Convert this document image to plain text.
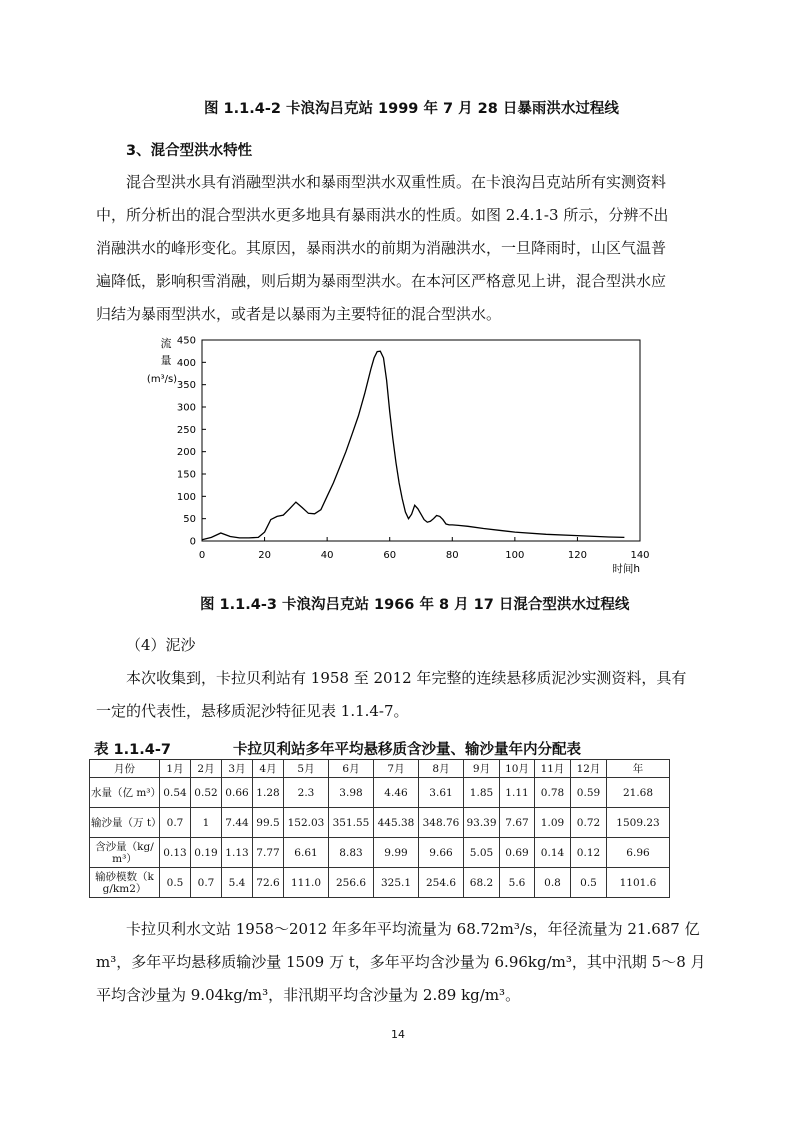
图 1.1.4-2 卡浪沟吕克站 1999 年 7 月 28 日暴雨洪水过程线
3、混合型洪水特性
混合型洪水具有消融型洪水和暴雨型洪水双重性质。在卡浪沟吕克站所有实测资料
中，所分析出的混合型洪水更多地具有暴雨洪水的性质。如图 2.4.1-3 所示，分辨不出
消融洪水的峰形变化。其原因，暴雨洪水的前期为消融洪水，一旦降雨时，山区气温普
遍降低，影响积雪消融，则后期为暴雨型洪水。在本河区严格意见上讲，混合型洪水应
归结为暴雨型洪水，或者是以暴雨为主要特征的混合型洪水。
流
量
(m³/s)
0
50
100
150
200
250
300
350
400
450
0	20	40	60	80	100	120	140
时间h
图 1.1.4-3 卡浪沟吕克站 1966 年 8 月 17 日混合型洪水过程线
（4）泥沙
本次收集到，卡拉贝利站有 1958 至 2012 年完整的连续悬移质泥沙实测资料，具有
一定的代表性，悬移质泥沙特征见表 1.1.4-7。
表 1.1.4-7	卡拉贝利站多年平均悬移质含沙量、输沙量年内分配表
月份	1月	2月	3月	4月	5月	6月	7月	8月	9月	10月	11月	12月	年
水量（亿 m³）	0.54	0.52	0.66	1.28	2.3	3.98	4.46	3.61	1.85	1.11	0.78	0.59	21.68
输沙量（万 t）	0.7	1	7.44	99.5	152.03	351.55	445.38	348.76	93.39	7.67	1.09	0.72	1509.23
含沙量（kg/m³）	0.13	0.19	1.13	7.77	6.61	8.83	9.99	9.66	5.05	0.69	0.14	0.12	6.96
输砂模数（kg/km2）	0.5	0.7	5.4	72.6	111.0	256.6	325.1	254.6	68.2	5.6	0.8	0.5	1101.6
卡拉贝利水文站 1958～2012 年多年平均流量为 68.72m³/s，年径流量为 21.687 亿
m³，多年平均悬移质输沙量 1509 万 t，多年平均含沙量为 6.96kg/m³，其中汛期 5～8 月
平均含沙量为 9.04kg/m³，非汛期平均含沙量为 2.89 kg/m³。
14
